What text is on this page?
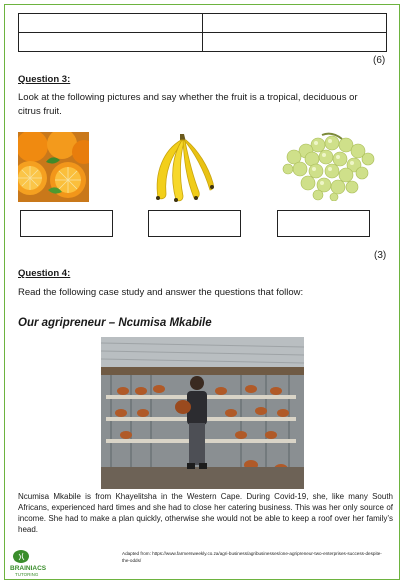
(6)
Question 3:
Look at the following pictures and say whether the fruit is a tropical, deciduous or citrus fruit.
(3)
Question 4:
Read the following case study and answer the questions that follow:
Our agripreneur – Ncumisa Mkabile
Ncumisa Mkabile is from Khayelitsha in the Western Cape. During Covid-19, she, like many South Africans, experienced hard times and she had to close her catering business. This was her only source of income. She had to make a plan quickly, otherwise she would not be able to keep a roof over her family’s head.
BRAINIACS
TUTORING
Adapted from: https://www.farmersweekly.co.za/agri-business/agribusinesses/one-agripreneur-two-enterprises-success-despite-the-odds/
